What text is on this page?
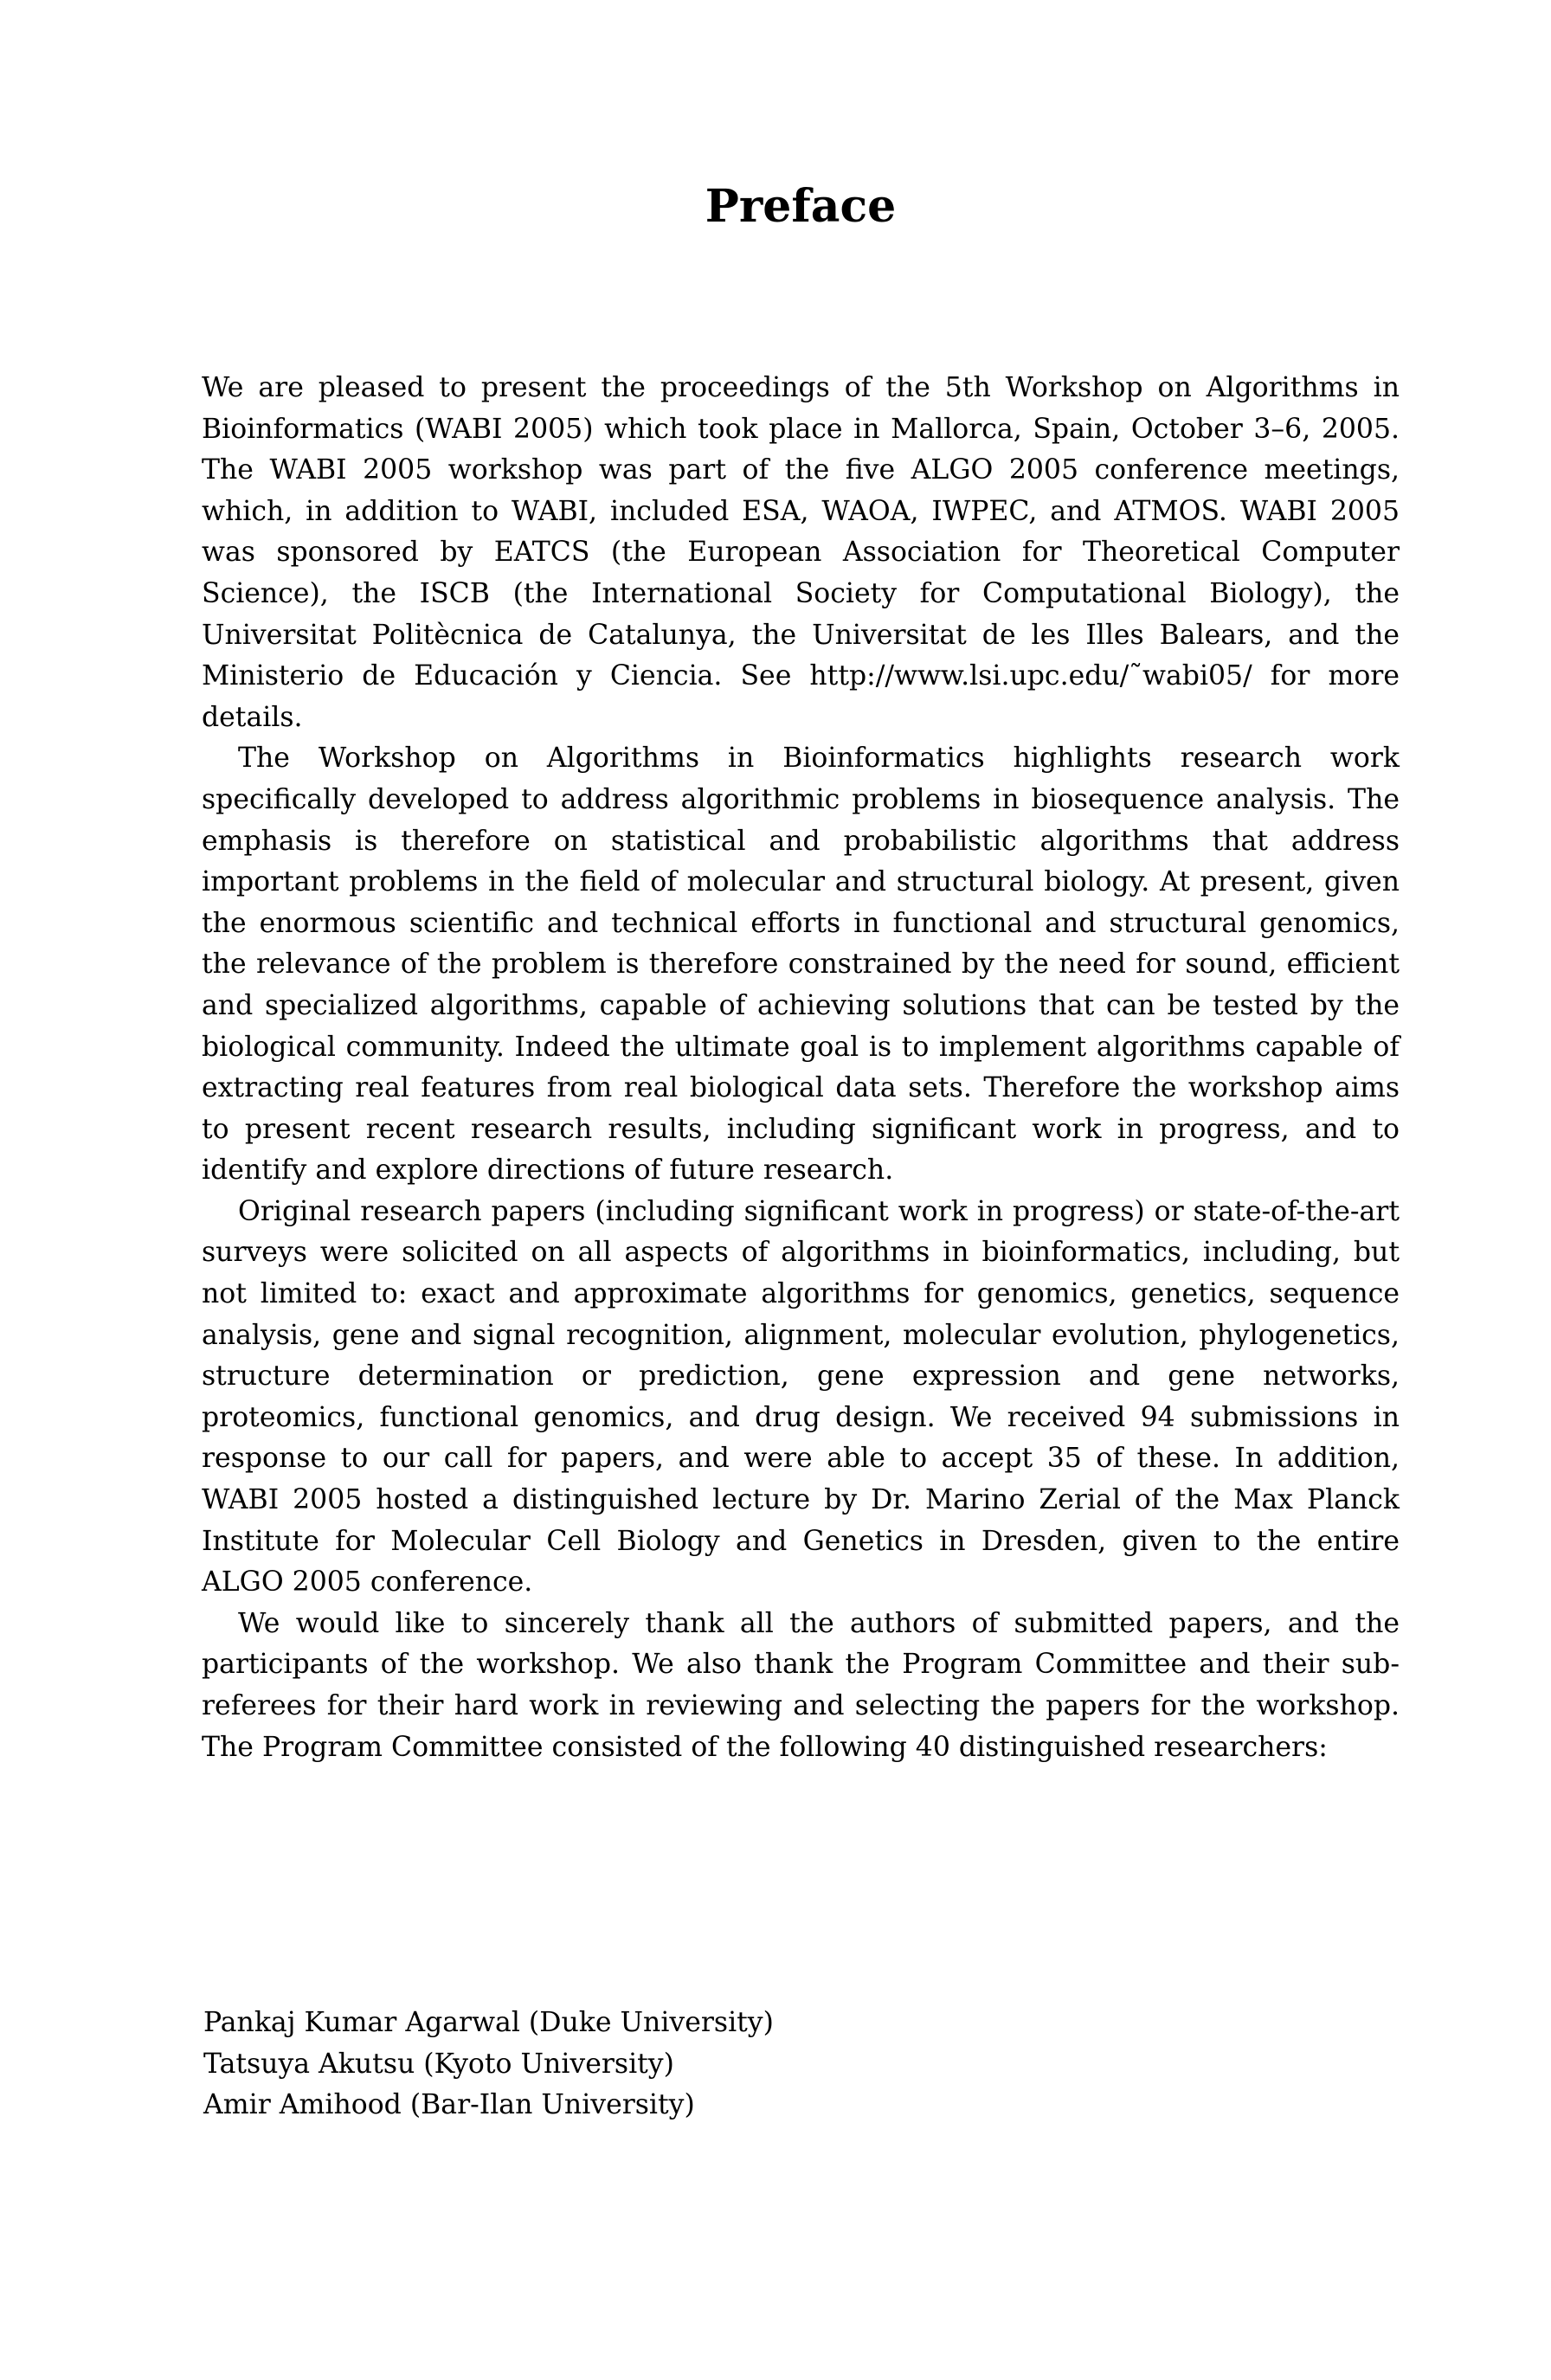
Preface

We are pleased to present the proceedings of the 5th Workshop on Algorithms in Bioinformatics (WABI 2005) which took place in Mallorca, Spain, October 3–6, 2005. The WABI 2005 workshop was part of the five ALGO 2005 conference meetings, which, in addition to WABI, included ESA, WAOA, IWPEC, and ATMOS. WABI 2005 was sponsored by EATCS (the European Association for Theoretical Computer Science), the ISCB (the International Society for Computational Biology), the Universitat Politècnica de Catalunya, the Universitat de les Illes Balears, and the Ministerio de Educación y Ciencia. See http://www.lsi.upc.edu/˜wabi05/ for more details.

The Workshop on Algorithms in Bioinformatics highlights research work specifically developed to address algorithmic problems in biosequence analysis. The emphasis is therefore on statistical and probabilistic algorithms that address important problems in the field of molecular and structural biology. At present, given the enormous scientific and technical efforts in functional and structural genomics, the relevance of the problem is therefore constrained by the need for sound, efficient and specialized algorithms, capable of achieving solutions that can be tested by the biological community. Indeed the ultimate goal is to implement algorithms capable of extracting real features from real biological data sets. Therefore the workshop aims to present recent research results, including significant work in progress, and to identify and explore directions of future research.

Original research papers (including significant work in progress) or state-of-the-art surveys were solicited on all aspects of algorithms in bioinformatics, including, but not limited to: exact and approximate algorithms for genomics, genetics, sequence analysis, gene and signal recognition, alignment, molecular evolution, phylogenetics, structure determination or prediction, gene expression and gene networks, proteomics, functional genomics, and drug design. We received 94 submissions in response to our call for papers, and were able to accept 35 of these. In addition, WABI 2005 hosted a distinguished lecture by Dr. Marino Zerial of the Max Planck Institute for Molecular Cell Biology and Genetics in Dresden, given to the entire ALGO 2005 conference.

We would like to sincerely thank all the authors of submitted papers, and the participants of the workshop. We also thank the Program Committee and their sub-referees for their hard work in reviewing and selecting the papers for the workshop. The Program Committee consisted of the following 40 distinguished researchers:

Pankaj Kumar Agarwal (Duke University)
Tatsuya Akutsu (Kyoto University)
Amir Amihood (Bar-Ilan University)
